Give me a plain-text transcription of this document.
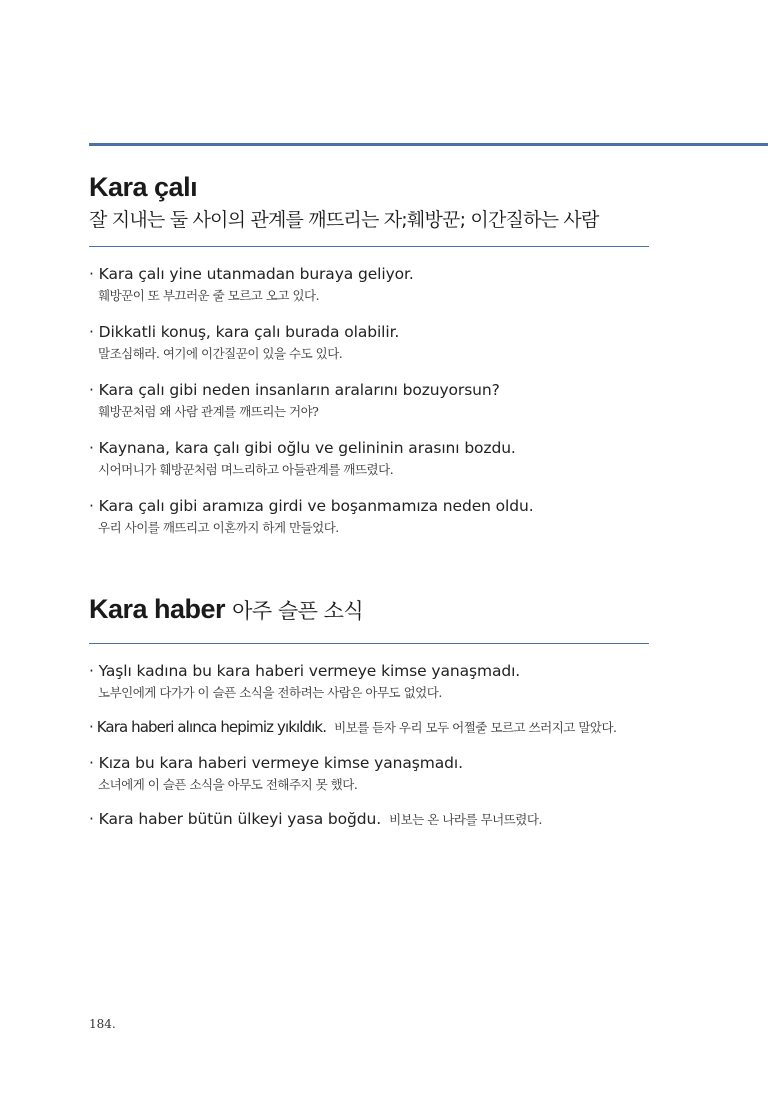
Kara çalı
잘 지내는 둘 사이의 관계를 깨뜨리는 자;훼방꾼; 이간질하는 사람
· Kara çalı yine utanmadan buraya geliyor.
훼방꾼이 또 부끄러운 줄 모르고 오고 있다.
· Dikkatli konuş, kara çalı burada olabilir.
말조심해라. 여기에 이간질꾼이 있을 수도 있다.
· Kara çalı gibi neden insanların aralarını bozuyorsun?
훼방꾼처럼 왜 사람 관계를 깨뜨리는 거야?
· Kaynana, kara çalı gibi oğlu ve gelininin arasını bozdu.
시어머니가 훼방꾼처럼 며느리하고 아들관계를 깨뜨렸다.
· Kara çalı gibi aramıza girdi ve boşanmamıza neden oldu.
우리 사이를 깨뜨리고 이혼까지 하게 만들었다.
Kara haber 아주 슬픈 소식
· Yaşlı kadına bu kara haberi vermeye kimse yanaşmadı.
노부인에게 다가가 이 슬픈 소식을 전하려는 사람은 아무도 없었다.
· Kara haberi alınca hepimiz yıkıldık. 비보를 듣자 우리 모두 어쩔줄 모르고 쓰러지고 말았다.
· Kıza bu kara haberi vermeye kimse yanaşmadı.
소녀에게 이 슬픈 소식을 아무도 전해주지 못 했다.
· Kara haber bütün ülkeyi yasa boğdu. 비보는 온 나라를 무너뜨렸다.
184.
